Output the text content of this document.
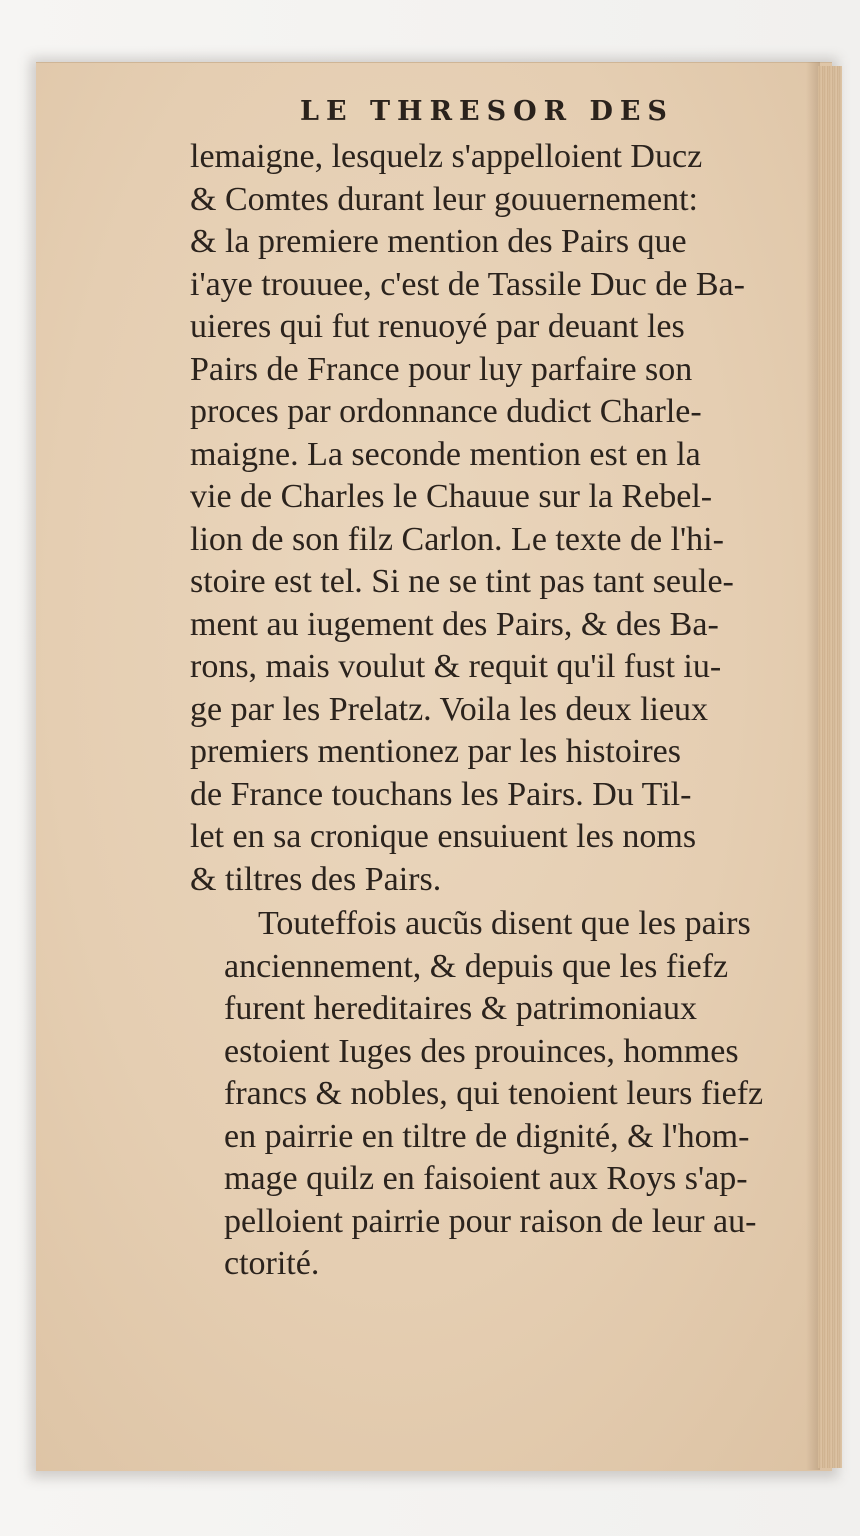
LE THRESOR DES
lemaigne, lesquelz s'appelloient Ducz
& Comtes durant leur gouuernement:
& la premiere mention des Pairs que
i'aye trouuee, c'est de Tassile Duc de Ba-
uieres qui fut renuoyé par deuant les
Pairs de France pour luy parfaire son
proces par ordonnance dudict Charle-
maigne. La seconde mention est en la
vie de Charles le Chauue sur la Rebel-
lion de son filz Carlon. Le texte de l'hi-
stoire est tel. Si ne se tint pas tant seule-
ment au iugement des Pairs, & des Ba-
rons, mais voulut & requit qu'il fust iu-
ge par les Prelatz. Voila les deux lieux
premiers mentionez par les histoires
de France touchans les Pairs. Du Til-
let en sa cronique ensuiuent les noms
& tiltres des Pairs.
Touteffois aucũs disent que les pairs
anciennement, & depuis que les fiefz
furent hereditaires & patrimoniaux
estoient Iuges des prouinces, hommes
francs & nobles, qui tenoient leurs fiefz
en pairrie en tiltre de dignité, & l'hom-
mage quilz en faisoient aux Roys s'ap-
pelloient pairrie pour raison de leur au-
ctorité.
